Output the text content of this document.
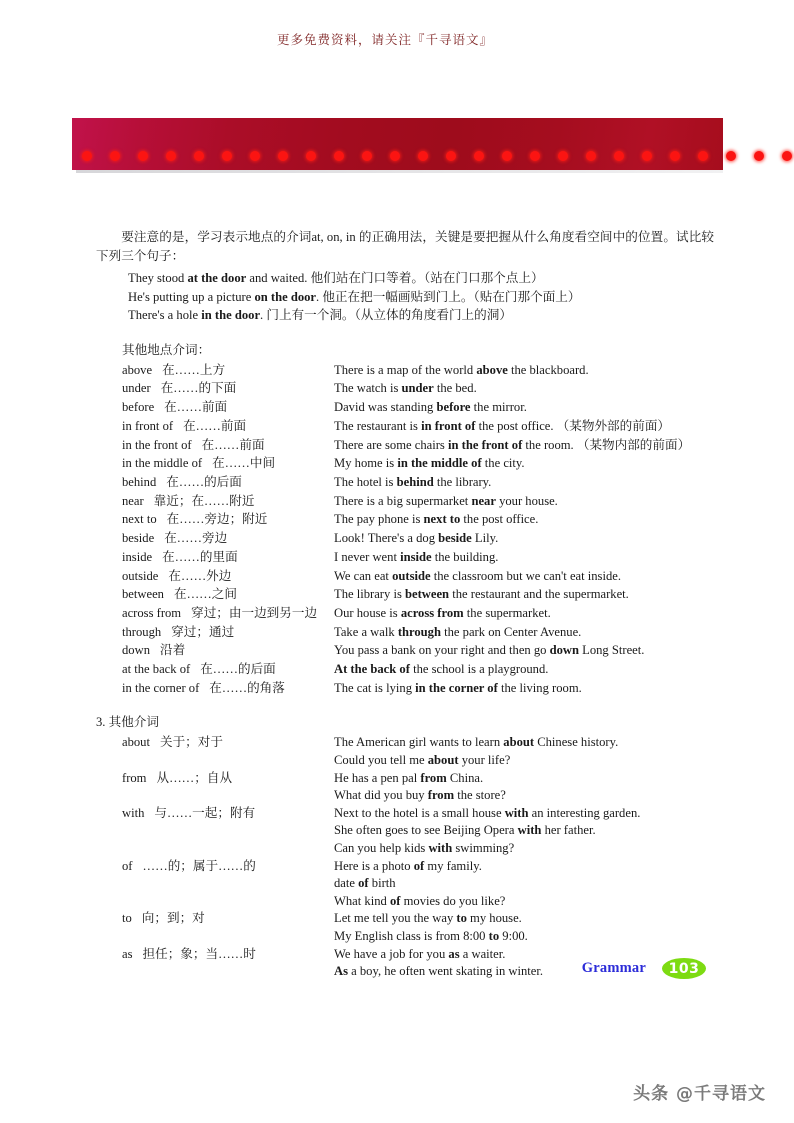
更多免费资料，请关注『千寻语文』

要注意的是，学习表示地点的介词at, on, in 的正确用法，关键是要把握从什么角度看空间中的位置。试比较下列三个句子：

They stood at the door and waited. 他们站在门口等着。（站在门口那个点上）
He's putting up a picture on the door. 他正在把一幅画贴到门上。（贴在门那个面上）
There's a hole in the door. 门上有一个洞。（从立体的角度看门上的洞）
其他地点介词：
above 在……上方	There is a map of the world above the blackboard.
under 在……的下面	The watch is under the bed.
before 在……前面	David was standing before the mirror.
in front of 在……前面	The restaurant is in front of the post office. （某物外部的前面）
in the front of 在……前面	There are some chairs in the front of the room. （某物内部的前面）
in the middle of 在……中间	My home is in the middle of the city.
behind 在……的后面	The hotel is behind the library.
near 靠近；在……附近	There is a big supermarket near your house.
next to 在……旁边；附近	The pay phone is next to the post office.
beside 在……旁边	Look! There's a dog beside Lily.
inside 在……的里面	I never went inside the building.
outside 在……外边	We can eat outside the classroom but we can't eat inside.
between 在……之间	The library is between the restaurant and the supermarket.
across from 穿过；由一边到另一边	Our house is across from the supermarket.
through 穿过；通过	Take a walk through the park on Center Avenue.
down 沿着	You pass a bank on your right and then go down Long Street.
at the back of 在……的后面	At the back of the school is a playground.
in the corner of 在……的角落	The cat is lying in the corner of the living room.
3. 其他介词
about 关于；对于	The American girl wants to learn about Chinese history.
Could you tell me about your life?
from 从……；自从	He has a pen pal from China.
What did you buy from the store?
with 与……一起；附有	Next to the hotel is a small house with an interesting garden.
She often goes to see Beijing Opera with her father.
Can you help kids with swimming?
of ……的；属于……的	Here is a photo of my family.
date of birth
What kind of movies do you like?
to 向；到；对	Let me tell you the way to my house.
My English class is from 8:00 to 9:00.
as 担任；象；当……时	We have a job for you as a waiter.
As a boy, he often went skating in winter.	Grammar	103
头条 @千寻语文
